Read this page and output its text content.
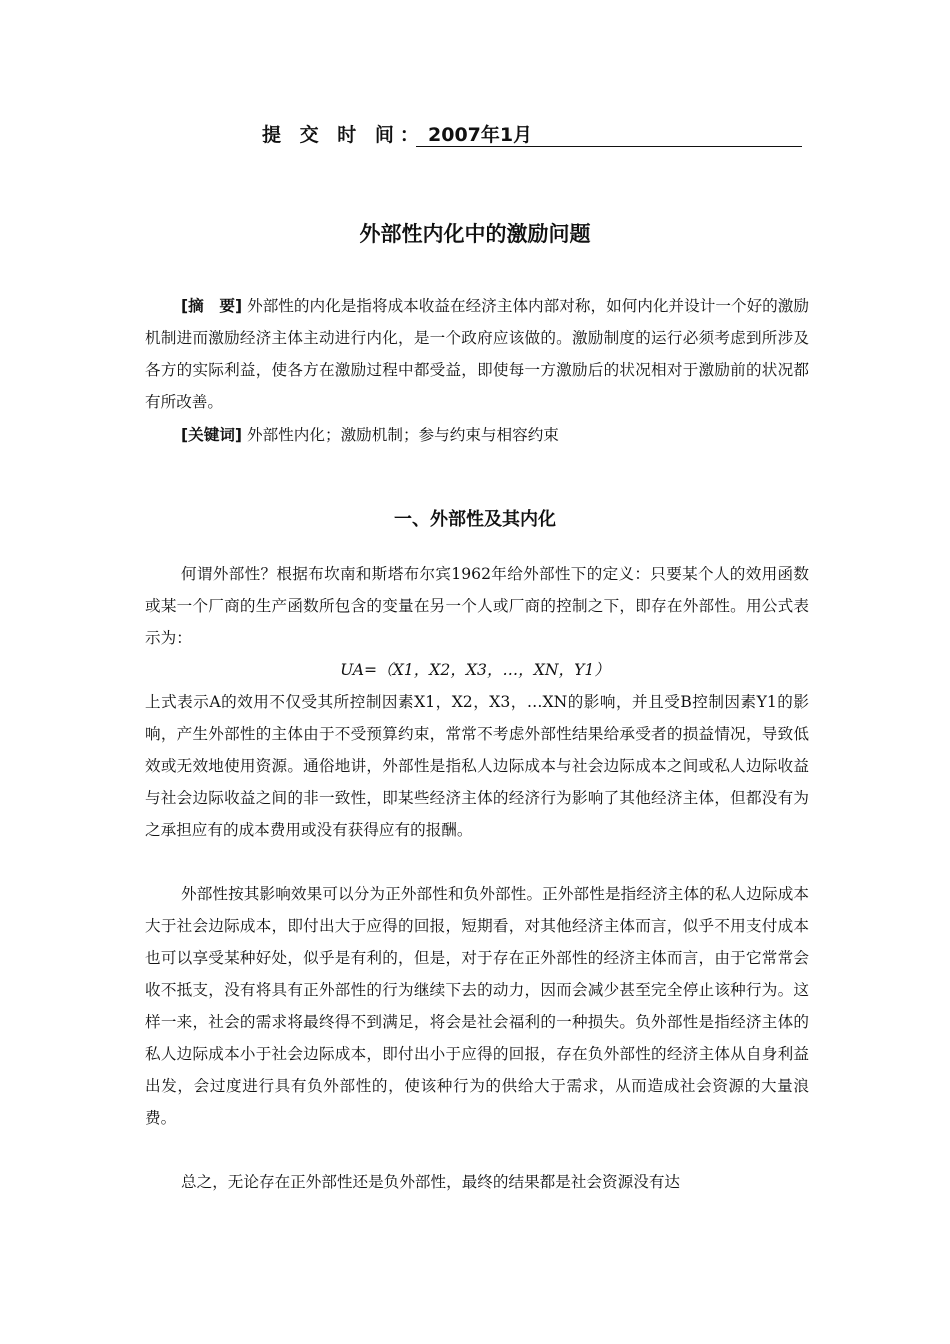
提 交 时 间： 2007年1月
外部性内化中的激励问题
[摘　要] 外部性的内化是指将成本收益在经济主体内部对称，如何内化并设计一个好的激励机制进而激励经济主体主动进行内化，是一个政府应该做的。激励制度的运行必须考虑到所涉及各方的实际利益，使各方在激励过程中都受益，即使每一方激励后的状况相对于激励前的状况都有所改善。
[关键词] 外部性内化；激励机制；参与约束与相容约束
一、外部性及其内化

何谓外部性？根据布坎南和斯塔布尔宾1962年给外部性下的定义：只要某个人的效用函数或某一个厂商的生产函数所包含的变量在另一个人或厂商的控制之下，即存在外部性。用公式表示为：

UA=（X1，X2，X3，…，XN，Y1）

上式表示A的效用不仅受其所控制因素X1，X2，X3，…XN的影响，并且受B控制因素Y1的影响，产生外部性的主体由于不受预算约束，常常不考虑外部性结果给承受者的损益情况，导致低效或无效地使用资源。通俗地讲，外部性是指私人边际成本与社会边际成本之间或私人边际收益与社会边际收益之间的非一致性，即某些经济主体的经济行为影响了其他经济主体，但都没有为之承担应有的成本费用或没有获得应有的报酬。

外部性按其影响效果可以分为正外部性和负外部性。正外部性是指经济主体的私人边际成本大于社会边际成本，即付出大于应得的回报，短期看，对其他经济主体而言，似乎不用支付成本也可以享受某种好处，似乎是有利的，但是，对于存在正外部性的经济主体而言，由于它常常会收不抵支，没有将具有正外部性的行为继续下去的动力，因而会减少甚至完全停止该种行为。这样一来，社会的需求将最终得不到满足，将会是社会福利的一种损失。负外部性是指经济主体的私人边际成本小于社会边际成本，即付出小于应得的回报，存在负外部性的经济主体从自身利益出发，会过度进行具有负外部性的，使该种行为的供给大于需求，从而造成社会资源的大量浪费。

总之，无论存在正外部性还是负外部性，最终的结果都是社会资源没有达
